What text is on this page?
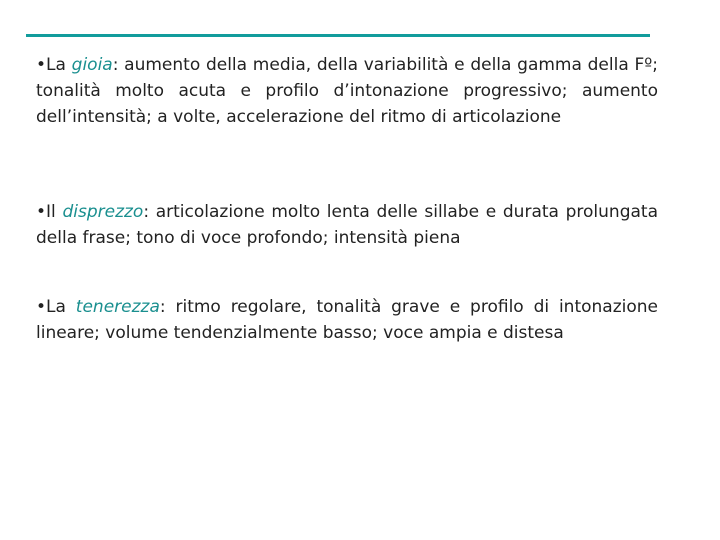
•La gioia: aumento della media, della variabilità e della gamma della Fº; tonalità molto acuta e profilo d’intonazione progressivo; aumento dell’intensità; a volte, accelerazione del ritmo di articolazione

•Il disprezzo: articolazione molto lenta delle sillabe e durata prolungata della frase; tono di voce profondo; intensità piena

•La tenerezza: ritmo regolare, tonalità grave e profilo di intonazione lineare; volume tendenzialmente basso; voce ampia e distesa
